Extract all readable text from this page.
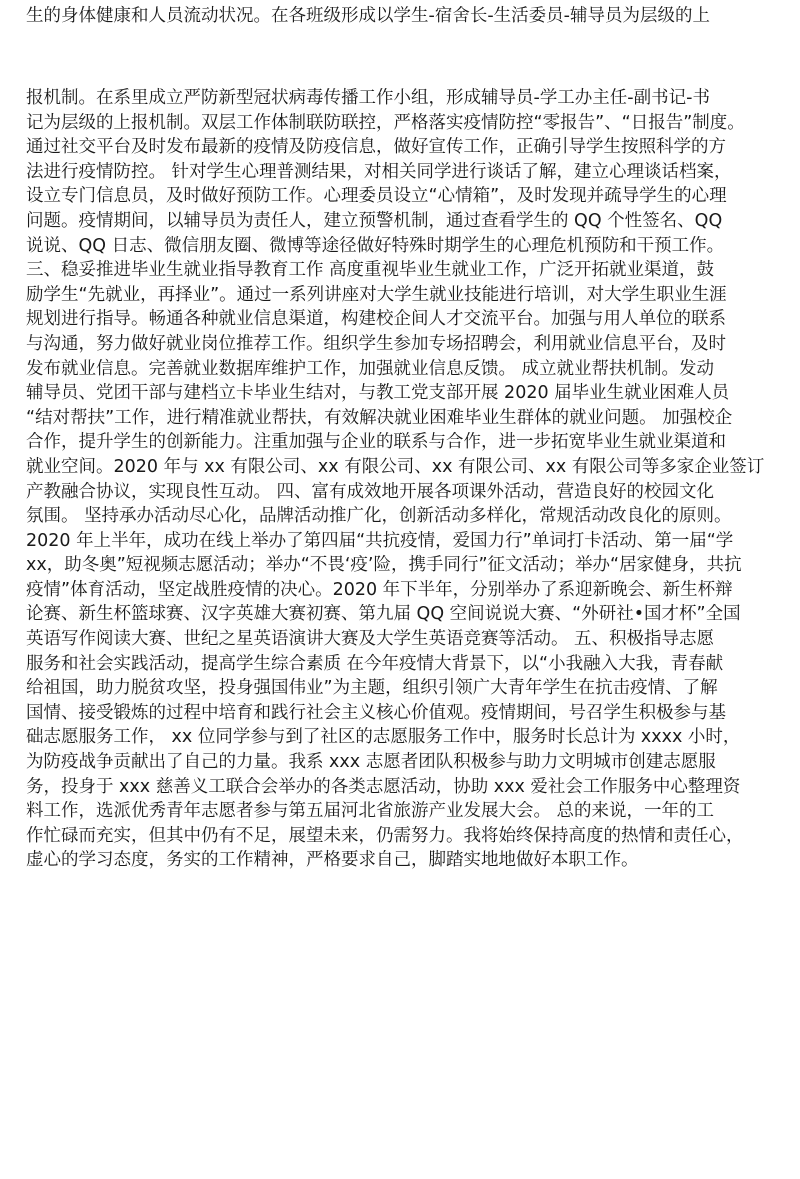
生的身体健康和人员流动状况。在各班级形成以学生-宿舍长-生活委员-辅导员为层级的上
报机制。在系里成立严防新型冠状病毒传播工作小组，形成辅导员-学工办主任-副书记-书
记为层级的上报机制。双层工作体制联防联控，严格落实疫情防控“零报告”、“日报告”制度。
通过社交平台及时发布最新的疫情及防疫信息，做好宣传工作，正确引导学生按照科学的方
法进行疫情防控。 针对学生心理普测结果，对相关同学进行谈话了解，建立心理谈话档案，
设立专门信息员，及时做好预防工作。心理委员设立“心情箱”，及时发现并疏导学生的心理
问题。疫情期间，以辅导员为责任人，建立预警机制，通过查看学生的 QQ 个性签名、QQ
说说、QQ 日志、微信朋友圈、微博等途径做好特殊时期学生的心理危机预防和干预工作。
三、稳妥推进毕业生就业指导教育工作 高度重视毕业生就业工作，广泛开拓就业渠道，鼓
励学生“先就业，再择业”。通过一系列讲座对大学生就业技能进行培训，对大学生职业生涯
规划进行指导。畅通各种就业信息渠道，构建校企间人才交流平台。加强与用人单位的联系
与沟通，努力做好就业岗位推荐工作。组织学生参加专场招聘会，利用就业信息平台，及时
发布就业信息。完善就业数据库维护工作，加强就业信息反馈。 成立就业帮扶机制。发动
辅导员、党团干部与建档立卡毕业生结对，与教工党支部开展 2020 届毕业生就业困难人员
“结对帮扶”工作，进行精准就业帮扶，有效解决就业困难毕业生群体的就业问题。 加强校企
合作，提升学生的创新能力。注重加强与企业的联系与合作，进一步拓宽毕业生就业渠道和
就业空间。2020 年与 xx 有限公司、xx 有限公司、xx 有限公司、xx 有限公司等多家企业签订
产教融合协议，实现良性互动。 四、富有成效地开展各项课外活动，营造良好的校园文化
氛围。 坚持承办活动尽心化，品牌活动推广化，创新活动多样化，常规活动改良化的原则。
2020 年上半年，成功在线上举办了第四届“共抗疫情，爱国力行”单词打卡活动、第一届“学
xx，助冬奥”短视频志愿活动；举办“不畏‘疫’险，携手同行”征文活动；举办“居家健身，共抗
疫情”体育活动，坚定战胜疫情的决心。2020 年下半年，分别举办了系迎新晚会、新生杯辩
论赛、新生杯篮球赛、汉字英雄大赛初赛、第九届 QQ 空间说说大赛、“外研社•国才杯”全国
英语写作阅读大赛、世纪之星英语演讲大赛及大学生英语竞赛等活动。 五、积极指导志愿
服务和社会实践活动，提高学生综合素质 在今年疫情大背景下，以“小我融入大我，青春献
给祖国，助力脱贫攻坚，投身强国伟业”为主题，组织引领广大青年学生在抗击疫情、了解
国情、接受锻炼的过程中培育和践行社会主义核心价值观。疫情期间，号召学生积极参与基
础志愿服务工作， xx 位同学参与到了社区的志愿服务工作中，服务时长总计为 xxxx 小时，
为防疫战争贡献出了自己的力量。我系 xxx 志愿者团队积极参与助力文明城市创建志愿服
务，投身于 xxx 慈善义工联合会举办的各类志愿活动，协助 xxx 爱社会工作服务中心整理资
料工作，选派优秀青年志愿者参与第五届河北省旅游产业发展大会。 总的来说，一年的工
作忙碌而充实，但其中仍有不足，展望未来，仍需努力。我将始终保持高度的热情和责任心，
虚心的学习态度，务实的工作精神，严格要求自己，脚踏实地地做好本职工作。
